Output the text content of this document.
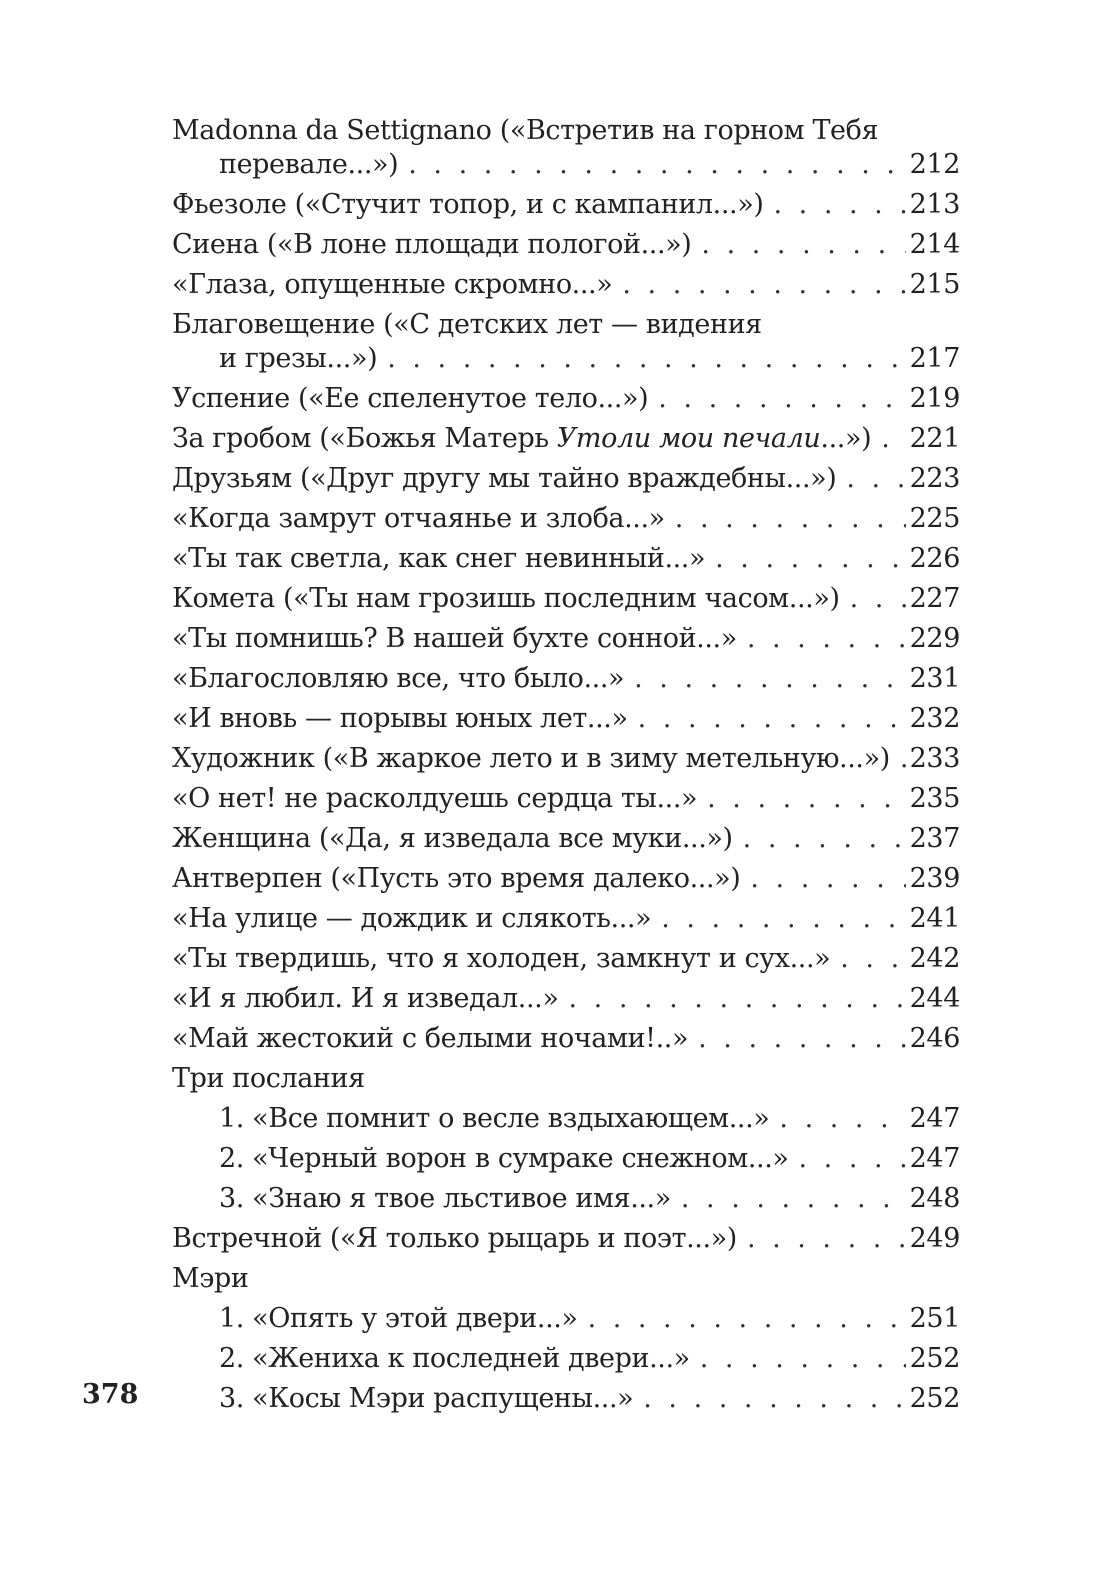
Madonna da Settignano («Встретив на горном Тебя
перевале...») . . .	212
Фьезоле («Стучит топор, и с кампанил...») . . .	213
Сиена («В лоне площади пологой...») . . .	214
«Глаза, опущенные скромно...» . . .	215
Благовещение («С детских лет — видения
и грезы...») . . .	217
Успение («Ее спеленутое тело...») . . .	219
За гробом («Божья Матерь Утоли мои печали...») . . . 221
Друзьям («Друг другу мы тайно враждебны...») . . .	223
«Когда замрут отчаянье и злоба...» . . .	225
«Ты так светла, как снег невинный...» . . .	226
Комета («Ты нам грозишь последним часом...») . . .	227
«Ты помнишь? В нашей бухте сонной...» . . .	229
«Благословляю все, что было...» . . .	231
«И вновь — порывы юных лет...» . . .	232
Художник («В жаркое лето и в зиму метельную...») . . . 233
«О нет! не расколдуешь сердца ты...» . . .	235
Женщина («Да, я изведала все муки...») . . .	237
Антверпен («Пусть это время далеко...») . . .	239
«На улице — дождик и слякоть...» . . .	241
«Ты твердишь, что я холоден, замкнут и сух...» . . .	242
«И я любил. И я изведал...» . . .	244
«Май жестокий с белыми ночами!..» . . .	246
Три послания
1. «Все помнит о весле вздыхающем...» . . .	247
2. «Черный ворон в сумраке снежном...» . . .	247
3. «Знаю я твое льстивое имя...» . . .	248
Встречной («Я только рыцарь и поэт...») . . .	249
Мэри
1. «Опять у этой двери...» . . .	251
2. «Жениха к последней двери...» . . .	252
3. «Косы Мэри распущены...» . . .	252
378
